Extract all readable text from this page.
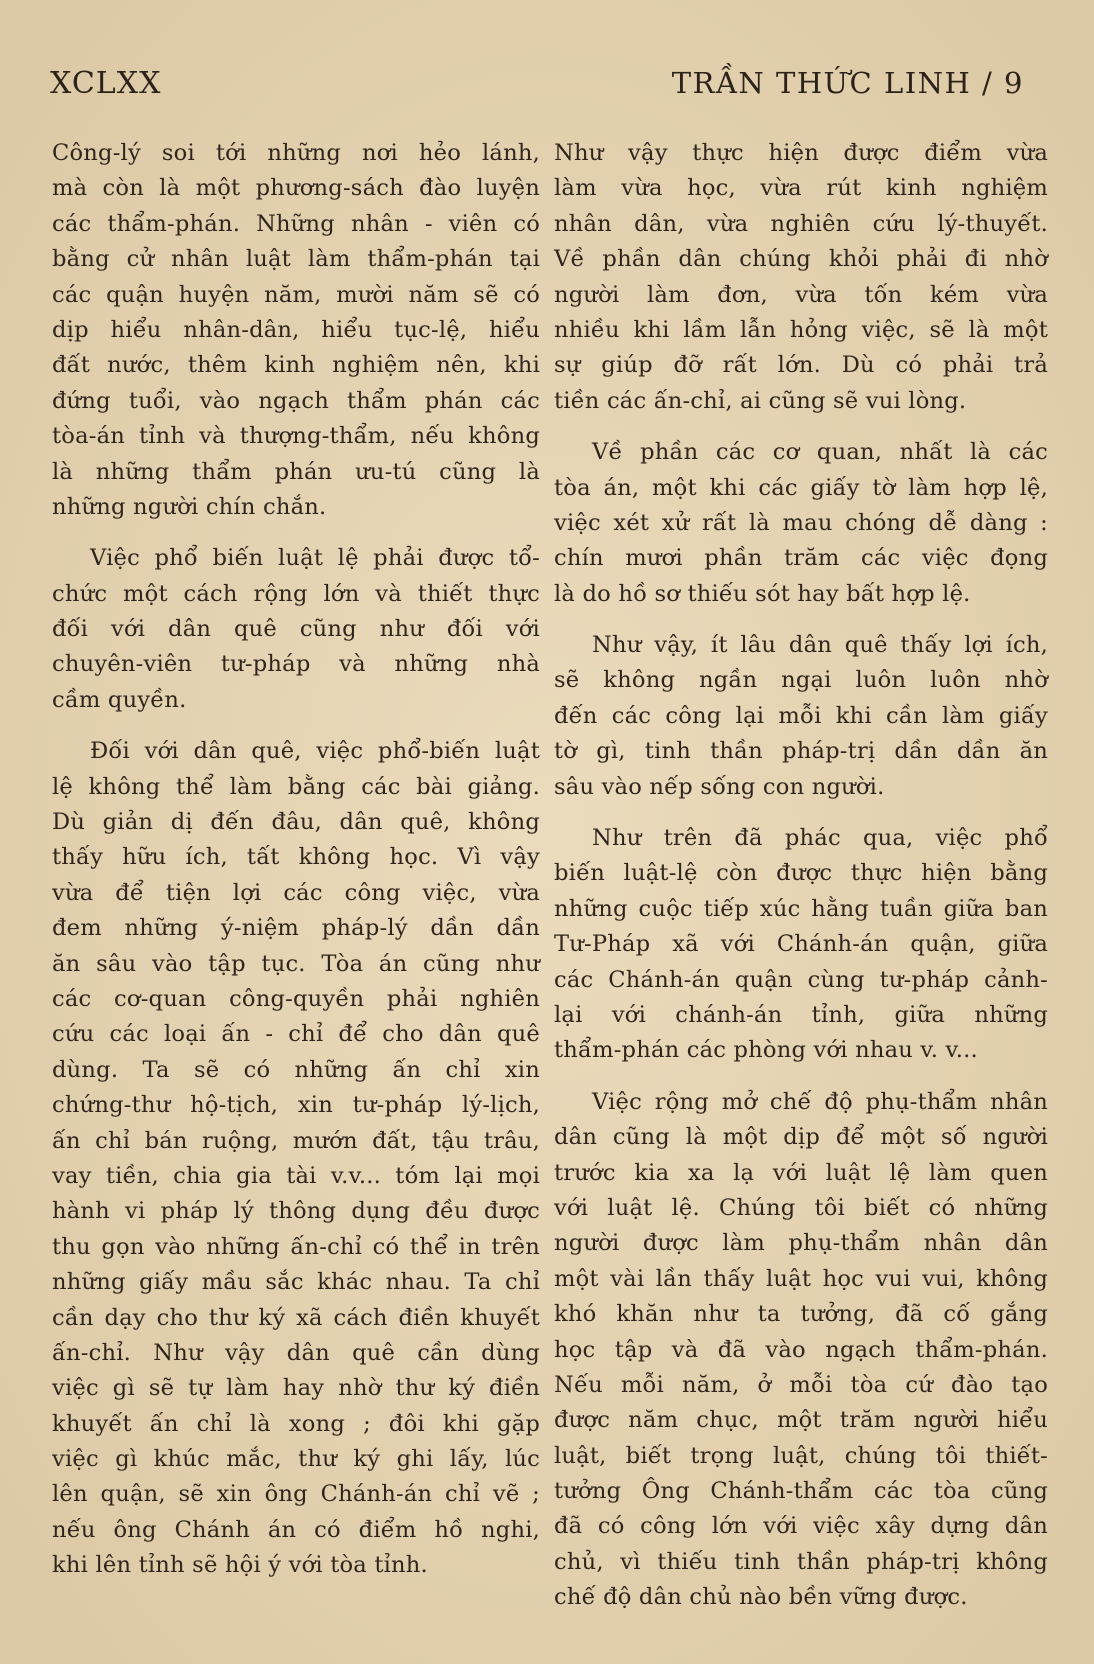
XCLXX	TRẦN THỨC LINH / 9
Công-lý soi tới những nơi hẻo lánh,
mà còn là một phương-sách đào luyện
các thẩm-phán. Những nhân - viên có
bằng cử nhân luật làm thẩm-phán tại
các quận huyện năm, mười năm sẽ có
dịp hiểu nhân-dân, hiểu tục-lệ, hiểu
đất nước, thêm kinh nghiệm nên, khi
đứng tuổi, vào ngạch thẩm phán các
tòa-án tỉnh và thượng-thẩm, nếu không
là những thẩm phán ưu-tú cũng là
những người chín chắn.
Việc phổ biến luật lệ phải được tổ-
chức một cách rộng lớn và thiết thực
đối với dân quê cũng như đối với
chuyên-viên tư-pháp và những nhà
cầm quyền.
Đối với dân quê, việc phổ-biến luật
lệ không thể làm bằng các bài giảng.
Dù giản dị đến đâu, dân quê, không
thấy hữu ích, tất không học. Vì vậy
vừa để tiện lợi các công việc, vừa
đem những ý-niệm pháp-lý dần dần
ăn sâu vào tập tục. Tòa án cũng như
các cơ-quan công-quyền phải nghiên
cứu các loại ấn - chỉ để cho dân quê
dùng. Ta sẽ có những ấn chỉ xin
chứng-thư hộ-tịch, xin tư-pháp lý-lịch,
ấn chỉ bán ruộng, mướn đất, tậu trâu,
vay tiền, chia gia tài v.v... tóm lại mọi
hành vi pháp lý thông dụng đều được
thu gọn vào những ấn-chỉ có thể in trên
những giấy mầu sắc khác nhau. Ta chỉ
cần dạy cho thư ký xã cách điền khuyết
ấn-chỉ. Như vậy dân quê cần dùng
việc gì sẽ tự làm hay nhờ thư ký điền
khuyết ấn chỉ là xong ; đôi khi gặp
việc gì khúc mắc, thư ký ghi lấy, lúc
lên quận, sẽ xin ông Chánh-án chỉ vẽ ;
nếu ông Chánh án có điểm hồ nghi,
khi lên tỉnh sẽ hội ý với tòa tỉnh.
Như vậy thực hiện được điểm vừa
làm vừa học, vừa rút kinh nghiệm
nhân dân, vừa nghiên cứu lý-thuyết.
Về phần dân chúng khỏi phải đi nhờ
người làm đơn, vừa tốn kém vừa
nhiều khi lầm lẫn hỏng việc, sẽ là một
sự giúp đỡ rất lớn. Dù có phải trả
tiền các ấn-chỉ, ai cũng sẽ vui lòng.
Về phần các cơ quan, nhất là các
tòa án, một khi các giấy tờ làm hợp lệ,
việc xét xử rất là mau chóng dễ dàng :
chín mươi phần trăm các việc đọng
là do hồ sơ thiếu sót hay bất hợp lệ.
Như vậy, ít lâu dân quê thấy lợi ích,
sẽ không ngần ngại luôn luôn nhờ
đến các công lại mỗi khi cần làm giấy
tờ gì, tinh thần pháp-trị dần dần ăn
sâu vào nếp sống con người.
Như trên đã phác qua, việc phổ
biến luật-lệ còn được thực hiện bằng
những cuộc tiếp xúc hằng tuần giữa ban
Tư-Pháp xã với Chánh-án quận, giữa
các Chánh-án quận cùng tư-pháp cảnh-
lại với chánh-án tỉnh, giữa những
thẩm-phán các phòng với nhau v. v...
Việc rộng mở chế độ phụ-thẩm nhân
dân cũng là một dịp để một số người
trước kia xa lạ với luật lệ làm quen
với luật lệ. Chúng tôi biết có những
người được làm phụ-thẩm nhân dân
một vài lần thấy luật học vui vui, không
khó khăn như ta tưởng, đã cố gắng
học tập và đã vào ngạch thẩm-phán.
Nếu mỗi năm, ở mỗi tòa cứ đào tạo
được năm chục, một trăm người hiểu
luật, biết trọng luật, chúng tôi thiết-
tưởng Ông Chánh-thẩm các tòa cũng
đã có công lớn với việc xây dựng dân
chủ, vì thiếu tinh thần pháp-trị không
chế độ dân chủ nào bền vững được.
